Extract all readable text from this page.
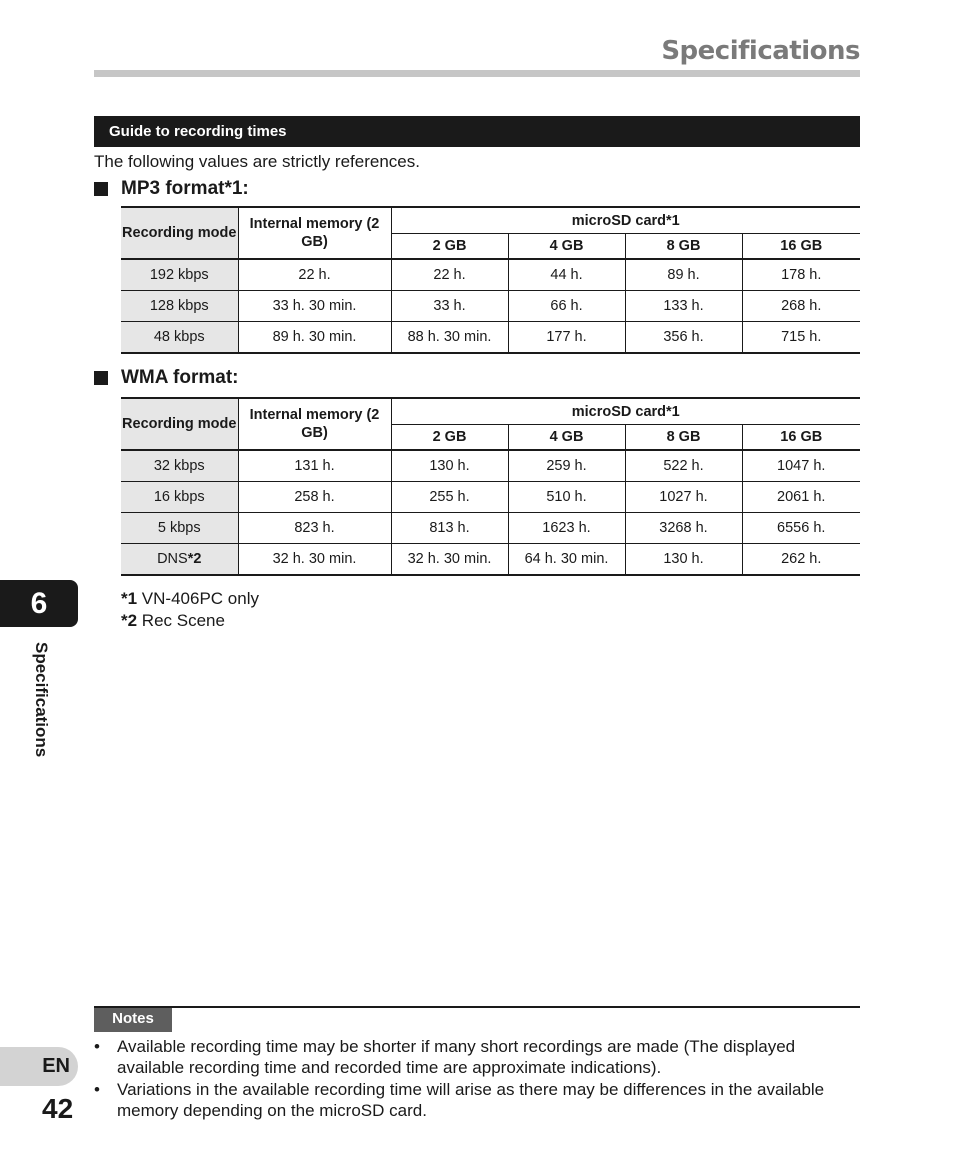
Specifications
Guide to recording times
The following values are strictly references.
MP3 format*1:
Recording mode	Internal memory (2 GB)	microSD card*1			
		2 GB	4 GB	8 GB	16 GB
192 kbps	22 h.	22 h.	44 h.	89 h.	178 h.
128 kbps	33 h. 30 min.	33 h.	66 h.	133 h.	268 h.
48 kbps	89 h. 30 min.	88 h. 30 min.	177 h.	356 h.	715 h.
WMA format:
Recording mode	Internal memory (2 GB)	microSD card*1			
		2 GB	4 GB	8 GB	16 GB
32 kbps	131 h.	130 h.	259 h.	522 h.	1047 h.
16 kbps	258 h.	255 h.	510 h.	1027 h.	2061 h.
5 kbps	823 h.	813 h.	1623 h.	3268 h.	6556 h.
DNS*2	32 h. 30 min.	32 h. 30 min.	64 h. 30 min.	130 h.	262 h.
*1 VN-406PC only
*2 Rec Scene
6
Specifications
Notes
• Available recording time may be shorter if many short recordings are made (The displayed available recording time and recorded time are approximate indications).
• Variations in the available recording time will arise as there may be differences in the available memory depending on the microSD card.
EN
42
